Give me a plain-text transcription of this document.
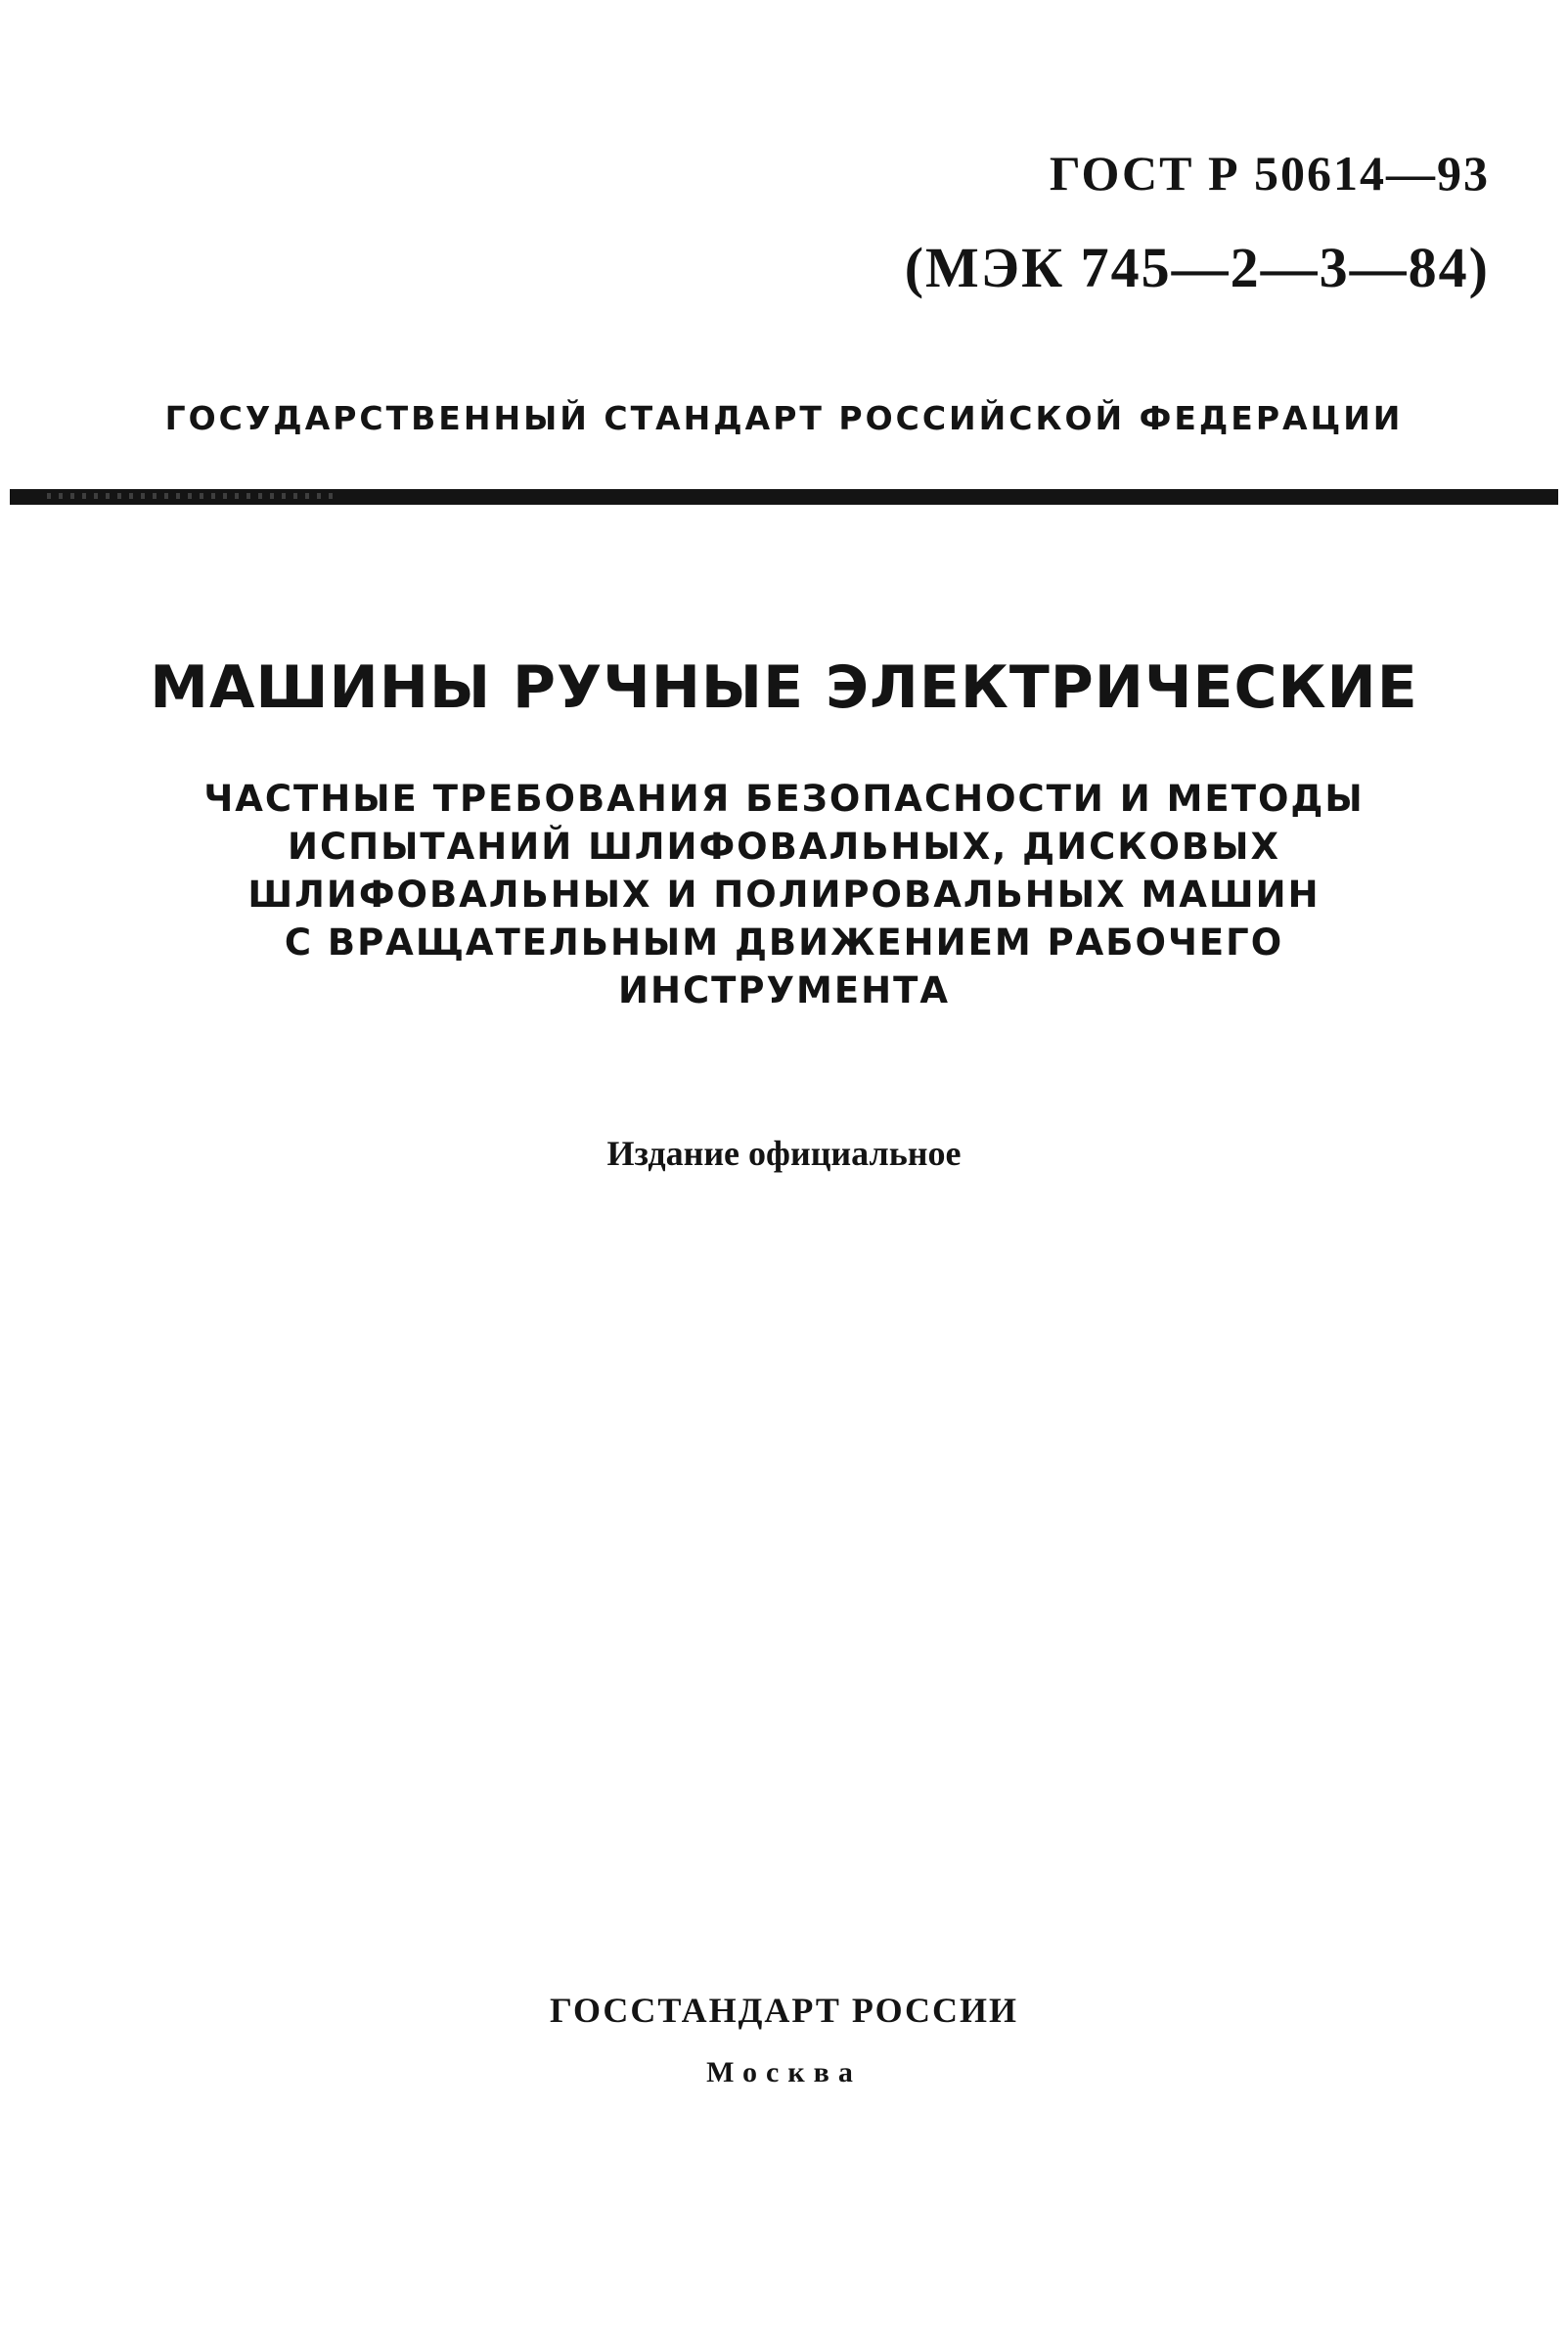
ГОСТ Р 50614—93
(МЭК 745—2—3—84)
ГОСУДАРСТВЕННЫЙ СТАНДАРТ РОССИЙСКОЙ ФЕДЕРАЦИИ
МАШИНЫ РУЧНЫЕ ЭЛЕКТРИЧЕСКИЕ
ЧАСТНЫЕ ТРЕБОВАНИЯ БЕЗОПАСНОСТИ И МЕТОДЫ
ИСПЫТАНИЙ ШЛИФОВАЛЬНЫХ, ДИСКОВЫХ
ШЛИФОВАЛЬНЫХ И ПОЛИРОВАЛЬНЫХ МАШИН
С ВРАЩАТЕЛЬНЫМ ДВИЖЕНИЕМ РАБОЧЕГО
ИНСТРУМЕНТА
Издание официальное
ГОССТАНДАРТ РОССИИ
Москва
